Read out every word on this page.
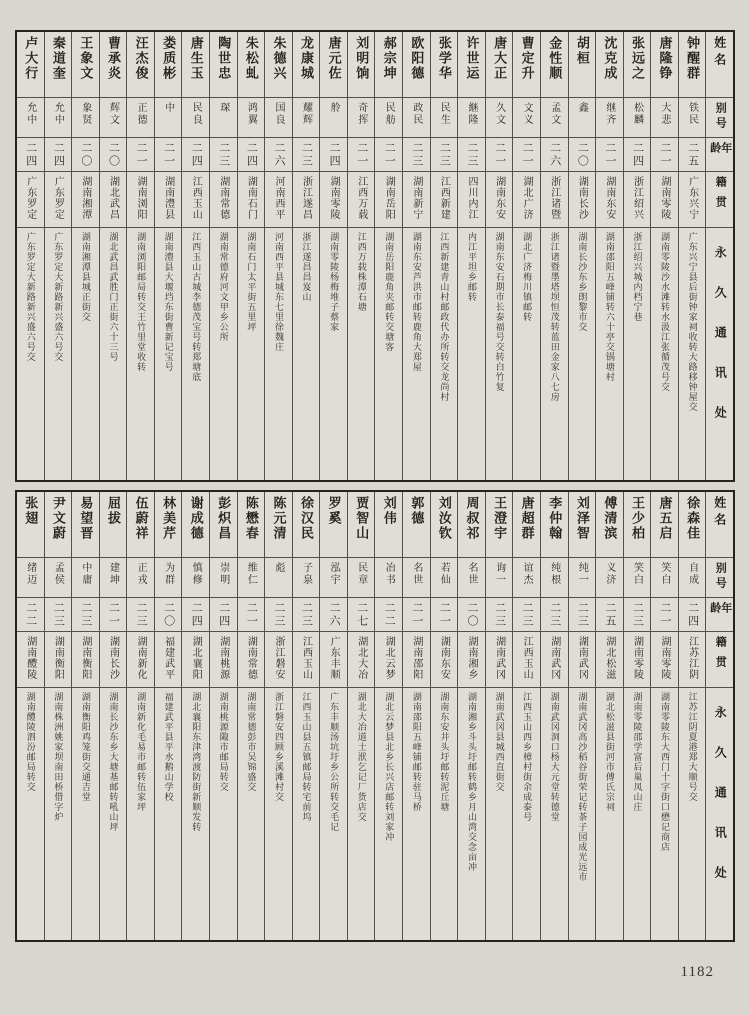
姓名
别号
年龄
籍贯
永久通讯处
钟醒群
铁民
二五
广东兴宁
广东兴宁县后街钟家祠收转大路移钟屋交
唐隆铮
大悲
二一
湖南零陵
湖南零陵沙水滩转水汲江张循茂号交
张远之
松麟
二四
浙江绍兴
浙江绍兴城内档宁巷
沈克成
继齐
二一
湖南东安
湖南邵阳五峰铺转六十亭交锅塘村
胡桓
鑫
二〇
湖南长沙
湖南长沙东乡朗黎市交
金性顺
孟文
二六
浙江诸暨
浙江诸暨墨塔坝恒茂转蓝田金家八七房
曹定升
文义
二一
湖北广济
湖北广济梅川镇邮转
唐大正
久文
二一
湖南东安
湖南东安石期市长泰福号交转白竹复
许世运
継隆
二三
四川内江
内江平坦乡邮转
张学华
民生
二三
江西新建
江西新建青山村邮政代办所转交龙尚村
欧阳德
政民
二三
湖南新宁
湖南东安芦洪市邮转鹿角大郑屋
郝宗坤
民舫
二一
湖南岳阳
湖南岳阳鹿角夹邮转交塘客
刘明饷
奇挥
二一
江西万载
江西万载株潭石塘
唐元佐
舲
二四
湖南零陵
湖南零陵杨梅堆子蔡家
龙康城
耀辉
二三
浙江遂昌
浙江遂昌昌岌山
朱德兴
国良
二六
河南西平
河南西平县城东七里徐魏庄
朱松虬
鸿翼
二四
湖南石门
湖南石门太平街五里坪
陶世忠
琛
二三
湖南常德
湖南常德府河文甲乡公所
唐生玉
民良
二四
江西玉山
江西玉山古城李德茂宝号转郑塘底
娄质彬
中
二一
湖南澧县
湖南澧县大堰垱东街曹新记宝号
汪杰俊
正德
二一
湖南浏阳
湖南浏阳邮局转交王竹里堂收转
曹承炎
辉文
二〇
湖北武昌
湖北武昌武胜门正街六十三号
王象文
象贤
二〇
湖南湘潭
湖南湘潭县城正街交
秦道奎
允中
二四
广东罗定
广东罗定大新路新兴盛六号交
卢大行
允中
二四
广东罗定
广东罗定大新路新兴盛六号交
姓名
别号
年龄
籍贯
永久通讯处
徐森佳
自成
二四
江苏江阴
江苏江阴夏港郑大顺号交
唐五启
笑白
二一
湖南零陵
湖南零陵东大西门十字街口懋记商店
王少柏
笑白
二三
湖南零陵
湖南零陵邵学富后巢凤山庄
傅清滨
义济
二五
湖北松滋
湖北松滋县街河市傅氏宗祠
刘泽智
纯一
二三
湖南武冈
湖南武冈高沙稻谷街荣记转茶子园成光远市
李仲翰
纯根
二三
湖南武冈
湖南武冈洞口杨大元堂转德堂
唐超群
谊杰
二三
江西玉山
江西玉山西乡樟村街余成泰号
王澄宇
询一
二三
湖南武冈
湖南武冈县城西直街交
周叔祁
名世
二〇
湖南湘乡
湖南湘乡斗头圩邮转鹤乡月山湾交念亩冲
刘汝钦
若仙
二一
湖南东安
湖南东安井头圩邮转泥丘塘
郭德
名世
二一
湖南邵阳
湖南邵阳五峰铺邮转驻马桥
刘伟
冶书
二二
湖北云梦
湖北云梦县北乡长兴店邮转刘家冲
贾智山
民章
二七
湖北大冶
湖北大冶道士洑乞记厂货店交
罗奚
泓宇
二六
广东丰顺
广东丰顺汤坑圩乡公所转交毛记
徐汉民
子泉
二三
江西玉山
江西玉山县五镇邮局转宅前坞
陈元清
彪
二三
浙江磐安
浙江磐安四顾乡溪滩村交
陈懋春
维仁
二一
湖南常德
湖南常德彭市吴锦盛交
彭炽昌
崇明
二四
湖南桃源
湖南桃源陬市邮局转交
谢成德
慎修
二四
湖北襄阳
湖北襄阳东津湾渡防街新顺发转
林美芹
为群
二〇
福建武平
福建武平县平水鹅山学校
伍蔚祥
正戎
二三
湖南新化
湖南新化毛易市邮转伍家坪
屈拔
建坤
二一
湖南长沙
湖南长沙东乡大塘基邮转吼山坪
易望晋
中庸
二三
湖南衡阳
湖南衡阳鸡笼街交通吉堂
尹文蔚
孟侯
二三
湖南衡阳
湖南株洲姚家坝南田桥借字炉
张翅
绪迈
二二
湖南醴陵
湖南醴陵泗汾邮局转交
1182
